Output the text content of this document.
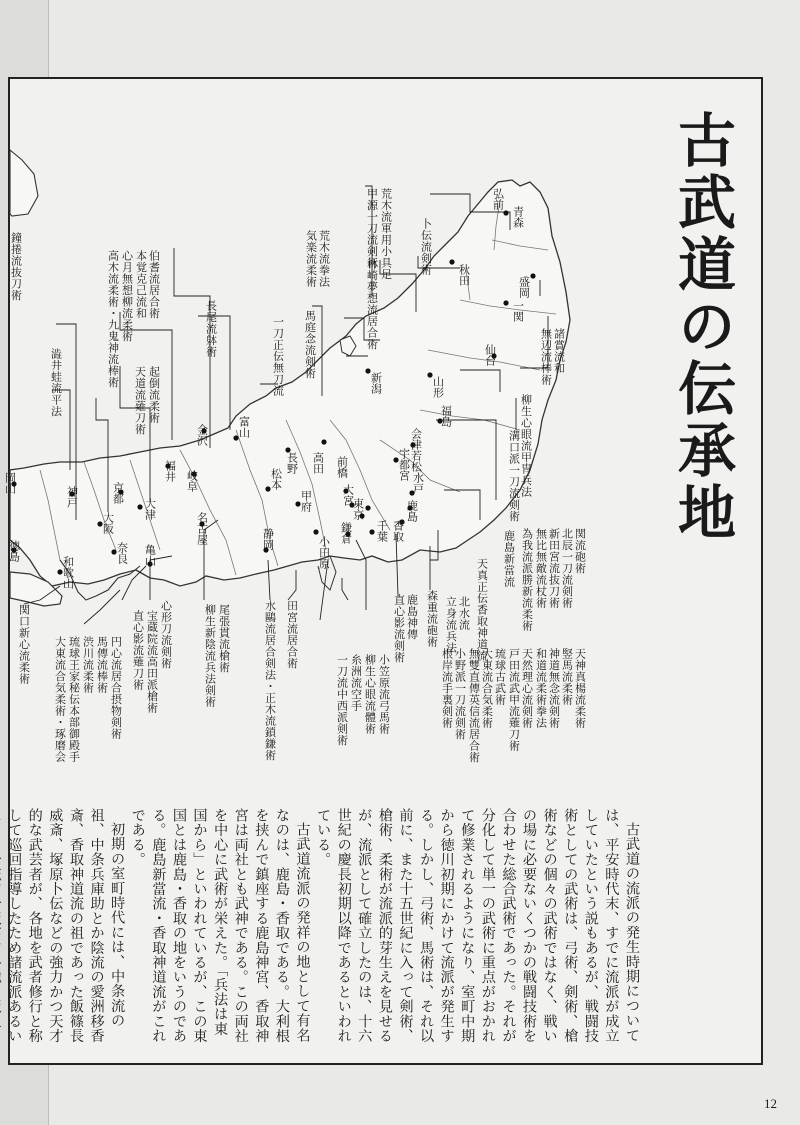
古武道の伝承地
弘前
青森
秋田
盛岡
一関
仙台
山形
福島
会津若松
新潟
高田
長野
松本
前橋	宇都宮
水戸
鹿島
香取
大宮
東京
千葉
鎌倉
小田原
甲府
静岡
名古屋
岐阜
富山
金沢
福井
京都
大津
大阪
神戸
奈良 亀山
和歌山
岡山
徳島
荒木流軍用小具足
甲源一刀流剣術	卜伝流剣術
荒木流拳法
気楽流柔術	林崎夢想流居合術
馬庭念流剣術
一刀正伝無刀流
伯耆流居合術
本覚克己流和
心月無想柳流柔術
高木流柔術・九鬼神流棒術	長尾流躰術
起倒流柔術
天道流薙刀術
鐘捲流抜刀術
澁井蛙流平法	諸賞流和
無辺流棒術
柳生心眼流甲冑兵法
溝口派一刀流剣術
関流砲術
北辰一刀流剣術
新田宮流抜刀術
無比無敵流杖術
為我流派勝新流柔術
鹿島新當流
天真正伝香取神道流
北水流
立身流兵法
森重流砲術
鹿島神傳
直心影流剣術
天神真楊流柔術
竪馬流柔術
神道無念流剣術
和道流柔術拳法
天然理心流剣術
戸田流武甲流薙刀術
琉球古武術
大東流合気柔術
無雙直傳英信流居合術
小野派一刀流剣術
根岸流手裏剣術
小笠原流弓馬術
柳生心眼流體術
糸洲流空手
一刀流中西派剣術
田宮流居合術
水鷗流居合剣法・正木流鎖鎌術
尾張貫流槍術
柳生新陰流兵法剣術
心形刀流剣術
宝蔵院流高田派槍術
直心影流薙刀術
円心流居合摂物剣術
馬傳流棒術
渋川流柔術
琉球王家秘伝本部御殿手
大東流合気柔術・琢磨会
関口新心流柔術

古武道の流派の発生時期については、平安時代末、すでに流派が成立していたという説もあるが、戦闘技術としての武術は、弓術、剣術、槍術などの個々の武術ではなく、戦いの場に必要ないくつかの戦闘技術を合わせた総合武術であった。それが分化して単一の武術に重点がおかれて修業されるようになり、室町中期から徳川初期にかけて流派が発生する。しかし、弓術、馬術は、それ以前に、また十五世紀に入って剣術、槍術、柔術が流派的芽生えを見せるが、流派として確立したのは、十六世紀の慶長初期以降であるといわれている。

古武道流派の発祥の地として有名なのは、鹿島・香取である。大利根を挟んで鎮座する鹿島神宮、香取神宮は両社とも武神である。この両社を中心に武術が栄えた。「兵法は東国から」といわれているが、この東国とは鹿島・香取の地をいうのである。鹿島新當流・香取神道流がこれである。

初期の室町時代には、中条流の祖、中条兵庫助とか陰流の愛洲移香斎、香取神道流の祖であった飯篠長威斎、塚原卜伝などの強力かつ天才的な武芸者が、各地を武者修行と称して巡回指導したため諸流派あるい

12
